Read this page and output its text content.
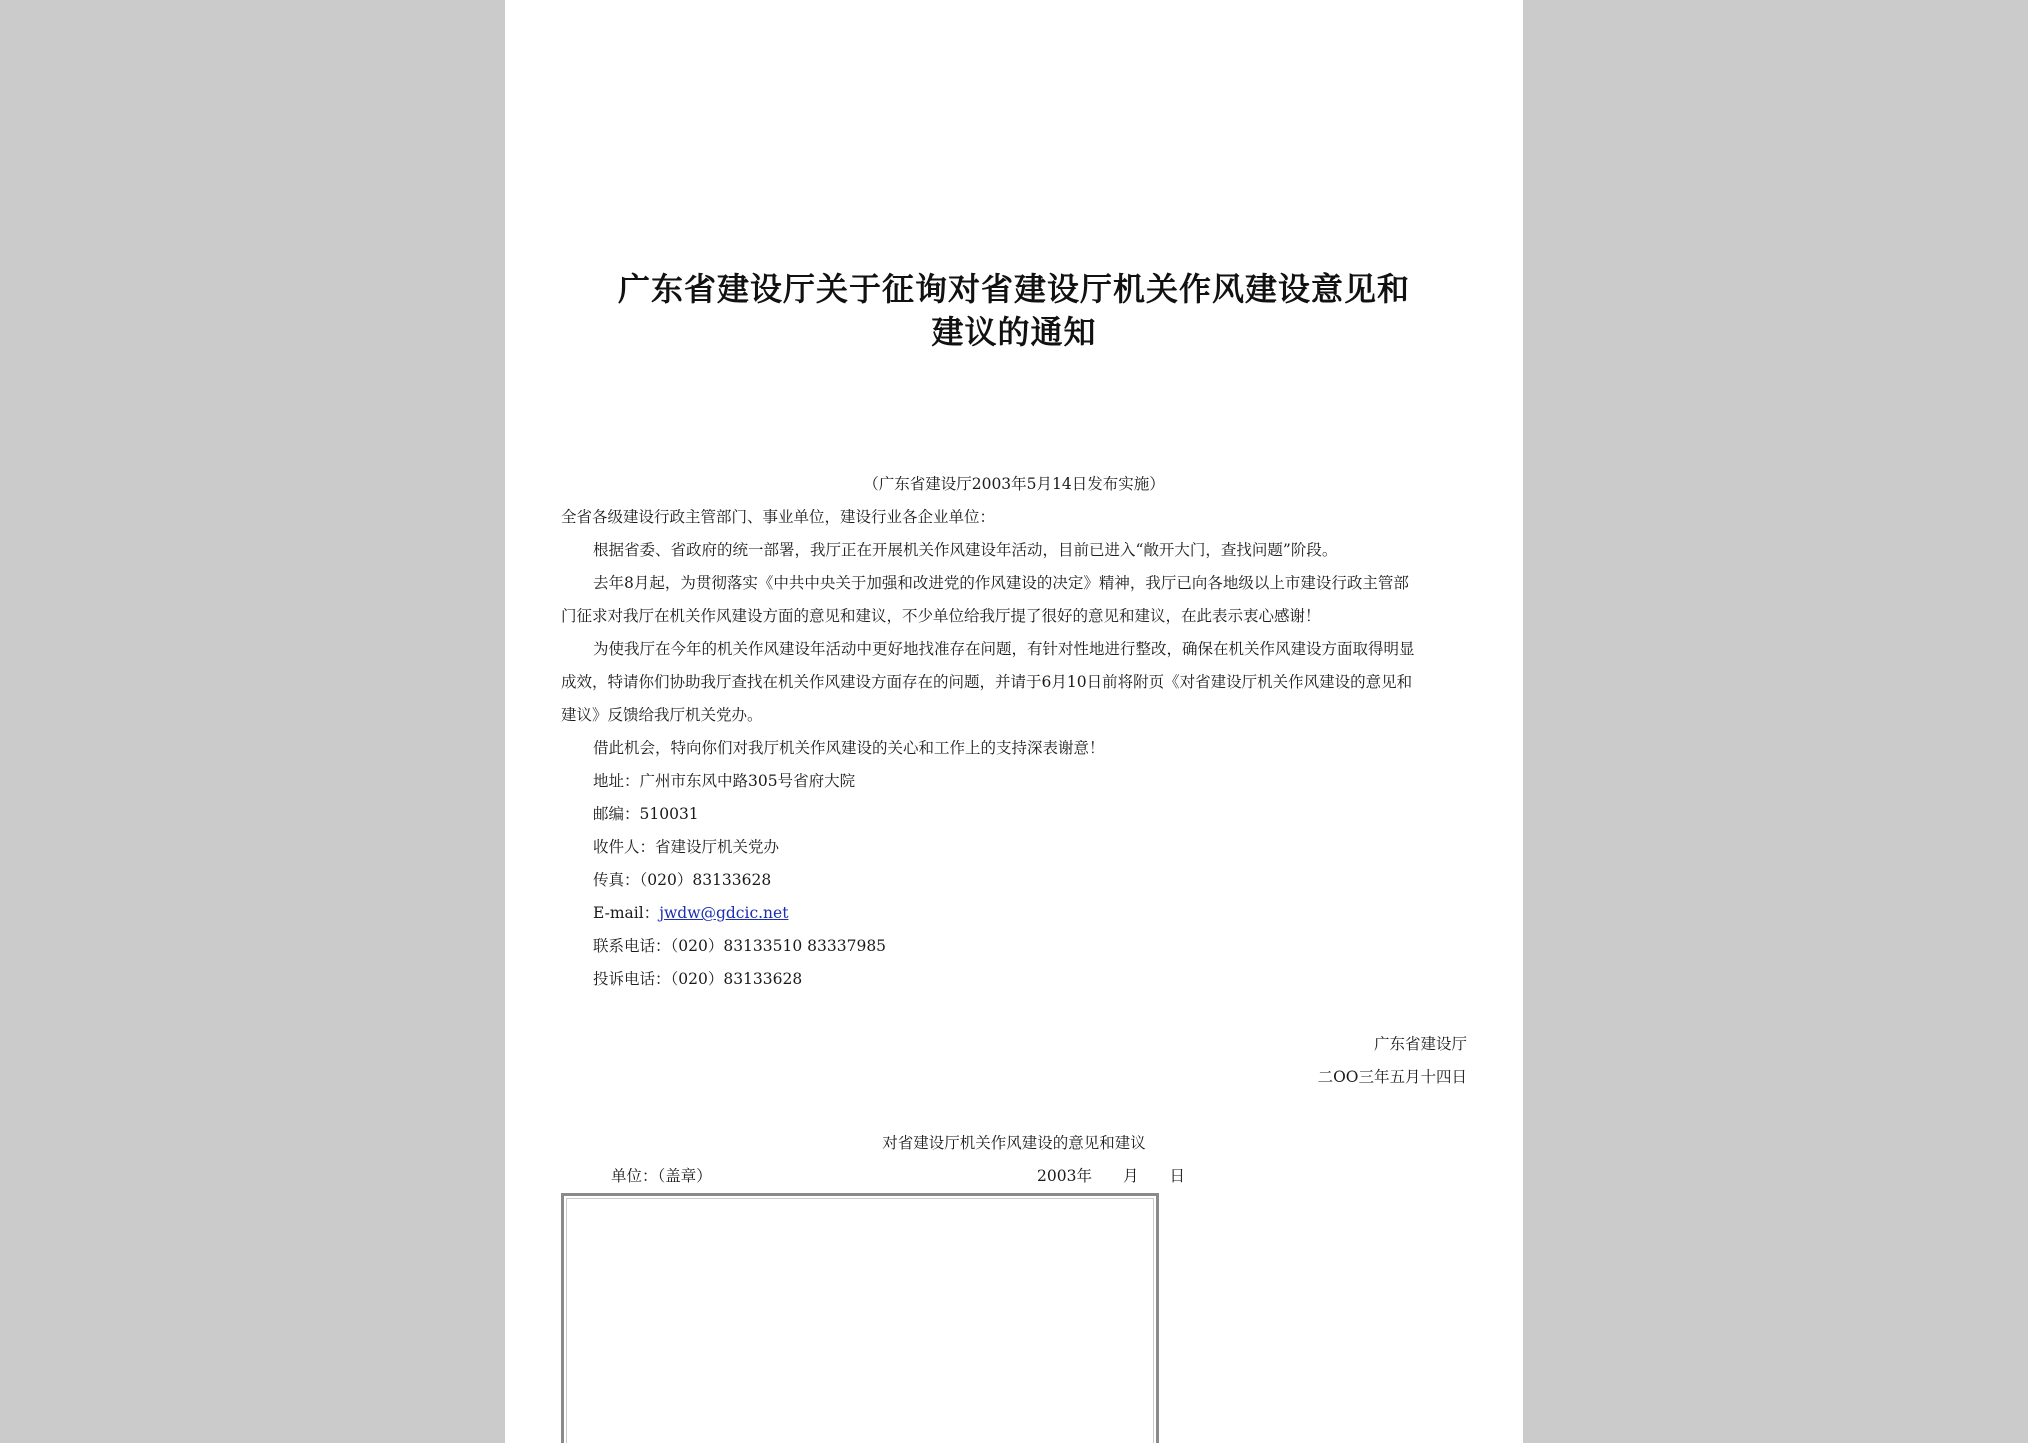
广东省建设厅关于征询对省建设厅机关作风建设意见和
建议的通知
（广东省建设厅2003年5月14日发布实施）
全省各级建设行政主管部门、事业单位，建设行业各企业单位：
根据省委、省政府的统一部署，我厅正在开展机关作风建设年活动，目前已进入“敞开大门，查找问题”阶段。
去年8月起，为贯彻落实《中共中央关于加强和改进党的作风建设的决定》精神，我厅已向各地级以上市建设行政主管部
门征求对我厅在机关作风建设方面的意见和建议，不少单位给我厅提了很好的意见和建议，在此表示衷心感谢！
为使我厅在今年的机关作风建设年活动中更好地找准存在问题，有针对性地进行整改，确保在机关作风建设方面取得明显
成效，特请你们协助我厅查找在机关作风建设方面存在的问题，并请于6月10日前将附页《对省建设厅机关作风建设的意见和
建议》反馈给我厅机关党办。
借此机会，特向你们对我厅机关作风建设的关心和工作上的支持深表谢意！
地址：广州市东风中路305号省府大院
邮编：510031
收件人：省建设厅机关党办
传真：（020）83133628
E-mail：jwdw@gdcic.net
联系电话：（020）83133510 83337985
投诉电话：（020）83133628
广东省建设厅
二OO三年五月十四日
对省建设厅机关作风建设的意见和建议
单位：（盖章）	2003年　　月　　日
